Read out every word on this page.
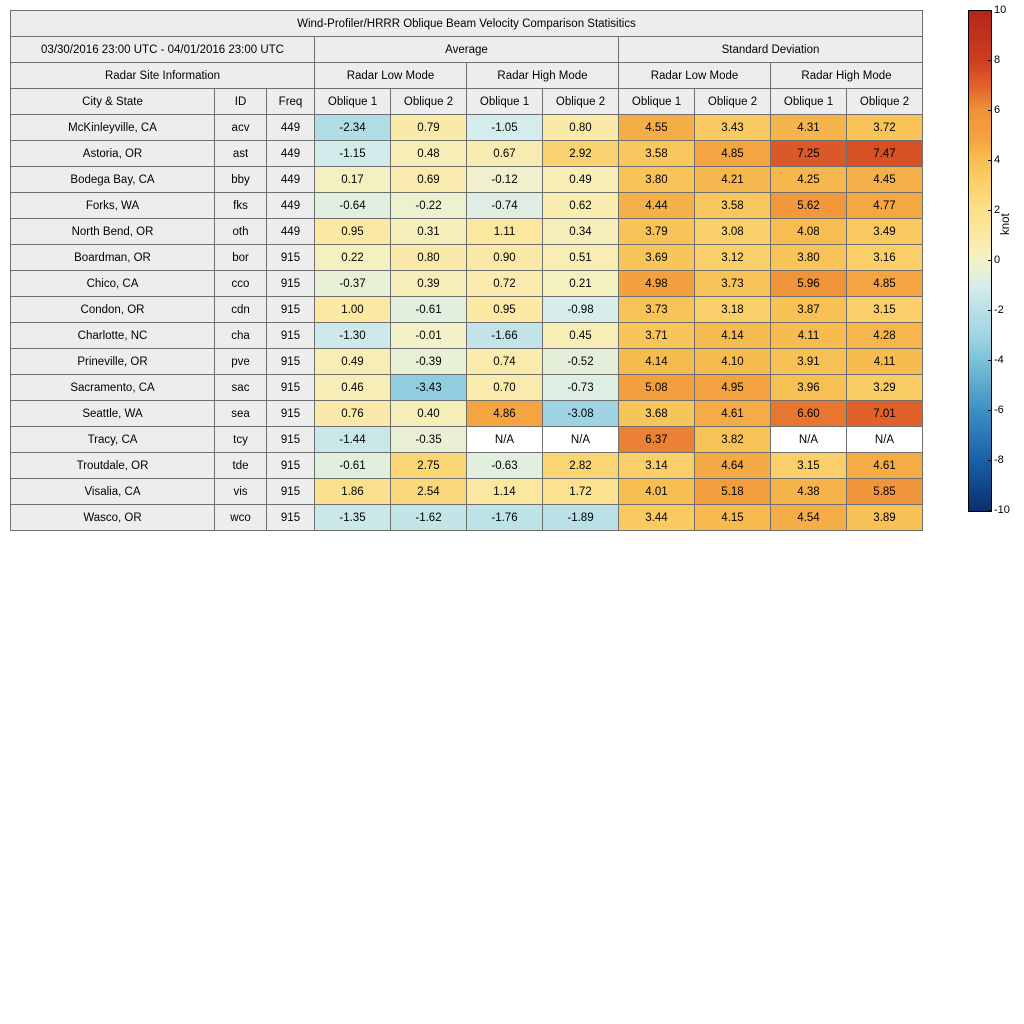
Wind-Profiler/HRRR Oblique Beam Velocity Comparison Statisitics										
03/30/2016 23:00 UTC - 04/01/2016 23:00 UTC			Average				Standard Deviation			
Radar Site Information			Radar Low Mode		Radar High Mode		Radar Low Mode		Radar High Mode	
City & State	ID	Freq	Oblique 1	Oblique 2	Oblique 1	Oblique 2	Oblique 1	Oblique 2	Oblique 1	Oblique 2
McKinleyville, CA	acv	449	-2.34	0.79	-1.05	0.80	4.55	3.43	4.31	3.72
Astoria, OR	ast	449	-1.15	0.48	0.67	2.92	3.58	4.85	7.25	7.47
Bodega Bay, CA	bby	449	0.17	0.69	-0.12	0.49	3.80	4.21	4.25	4.45
Forks, WA	fks	449	-0.64	-0.22	-0.74	0.62	4.44	3.58	5.62	4.77
North Bend, OR	oth	449	0.95	0.31	1.11	0.34	3.79	3.08	4.08	3.49
Boardman, OR	bor	915	0.22	0.80	0.90	0.51	3.69	3.12	3.80	3.16
Chico, CA	cco	915	-0.37	0.39	0.72	0.21	4.98	3.73	5.96	4.85
Condon, OR	cdn	915	1.00	-0.61	0.95	-0.98	3.73	3.18	3.87	3.15
Charlotte, NC	cha	915	-1.30	-0.01	-1.66	0.45	3.71	4.14	4.11	4.28
Prineville, OR	pve	915	0.49	-0.39	0.74	-0.52	4.14	4.10	3.91	4.11
Sacramento, CA	sac	915	0.46	-3.43	0.70	-0.73	5.08	4.95	3.96	3.29
Seattle, WA	sea	915	0.76	0.40	4.86	-3.08	3.68	4.61	6.60	7.01
Tracy, CA	tcy	915	-1.44	-0.35	N/A	N/A	6.37	3.82	N/A	N/A
Troutdale, OR	tde	915	-0.61	2.75	-0.63	2.82	3.14	4.64	3.15	4.61
Visalia, CA	vis	915	1.86	2.54	1.14	1.72	4.01	5.18	4.38	5.85
Wasco, OR	wco	915	-1.35	-1.62	-1.76	-1.89	3.44	4.15	4.54	3.89
10
8
6
4
2
0
-2
-4
-6
-8
-10
knot
